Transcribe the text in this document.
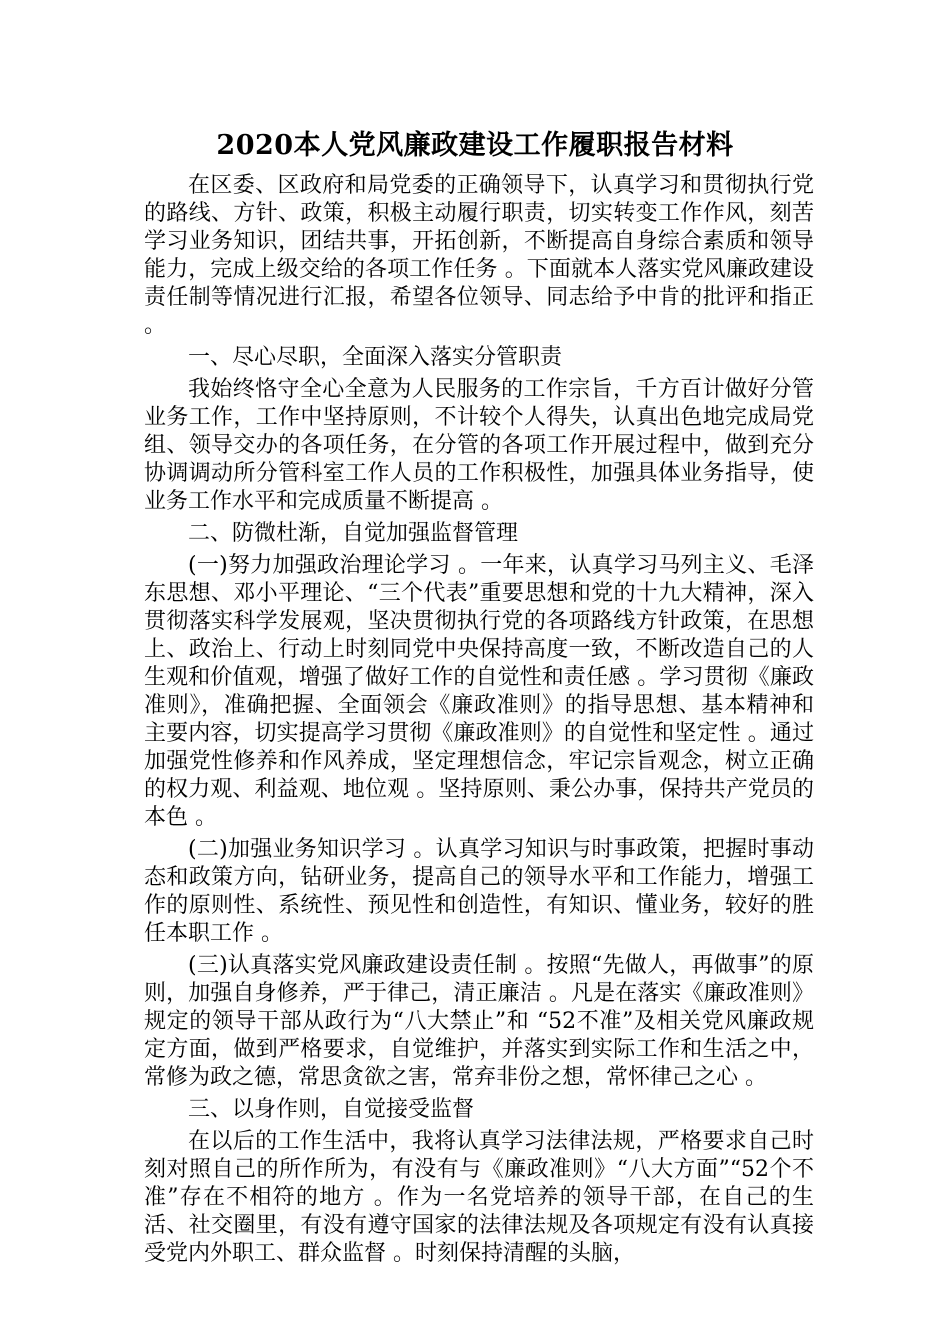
2020本人党风廉政建设工作履职报告材料

在区委、区政府和局党委的正确领导下，认真学习和贯彻执行党的路线、方针、政策，积极主动履行职责，切实转变工作作风，刻苦学习业务知识，团结共事，开拓创新，不断提高自身综合素质和领导能力，完成上级交给的各项工作任务 。下面就本人落实党风廉政建设责任制等情况进行汇报，希望各位领导、同志给予中肯的批评和指正 。

一、尽心尽职，全面深入落实分管职责

我始终恪守全心全意为人民服务的工作宗旨，千方百计做好分管业务工作，工作中坚持原则，不计较个人得失，认真出色地完成局党组、领导交办的各项任务，在分管的各项工作开展过程中，做到充分协调调动所分管科室工作人员的工作积极性，加强具体业务指导，使业务工作水平和完成质量不断提高 。

二、防微杜渐，自觉加强监督管理

(一)努力加强政治理论学习 。一年来，认真学习马列主义、毛泽东思想、邓小平理论、“三个代表”重要思想和党的十九大精神，深入贯彻落实科学发展观，坚决贯彻执行党的各项路线方针政策，在思想上、政治上、行动上时刻同党中央保持高度一致，不断改造自己的人生观和价值观，增强了做好工作的自觉性和责任感 。学习贯彻《廉政准则》，准确把握、全面领会《廉政准则》的指导思想、基本精神和主要内容，切实提高学习贯彻《廉政准则》的自觉性和坚定性 。通过加强党性修养和作风养成，坚定理想信念，牢记宗旨观念，树立正确的权力观、利益观、地位观 。坚持原则、秉公办事，保持共产党员的本色 。

(二)加强业务知识学习 。认真学习知识与时事政策，把握时事动态和政策方向，钻研业务，提高自己的领导水平和工作能力，增强工作的原则性、系统性、预见性和创造性，有知识、懂业务，较好的胜任本职工作 。

(三)认真落实党风廉政建设责任制 。按照“先做人，再做事”的原则，加强自身修养，严于律己，清正廉洁 。凡是在落实《廉政准则》规定的领导干部从政行为“八大禁止”和 “52不准”及相关党风廉政规定方面，做到严格要求，自觉维护，并落实到实际工作和生活之中，常修为政之德，常思贪欲之害，常弃非份之想，常怀律己之心 。

三、以身作则，自觉接受监督

在以后的工作生活中，我将认真学习法律法规，严格要求自己时刻对照自己的所作所为，有没有与《廉政准则》“八大方面”“52个不准”存在不相符的地方 。作为一名党培养的领导干部，在自己的生活、社交圈里，有没有遵守国家的法律法规及各项规定有没有认真接受党内外职工、群众监督 。时刻保持清醒的头脑，
